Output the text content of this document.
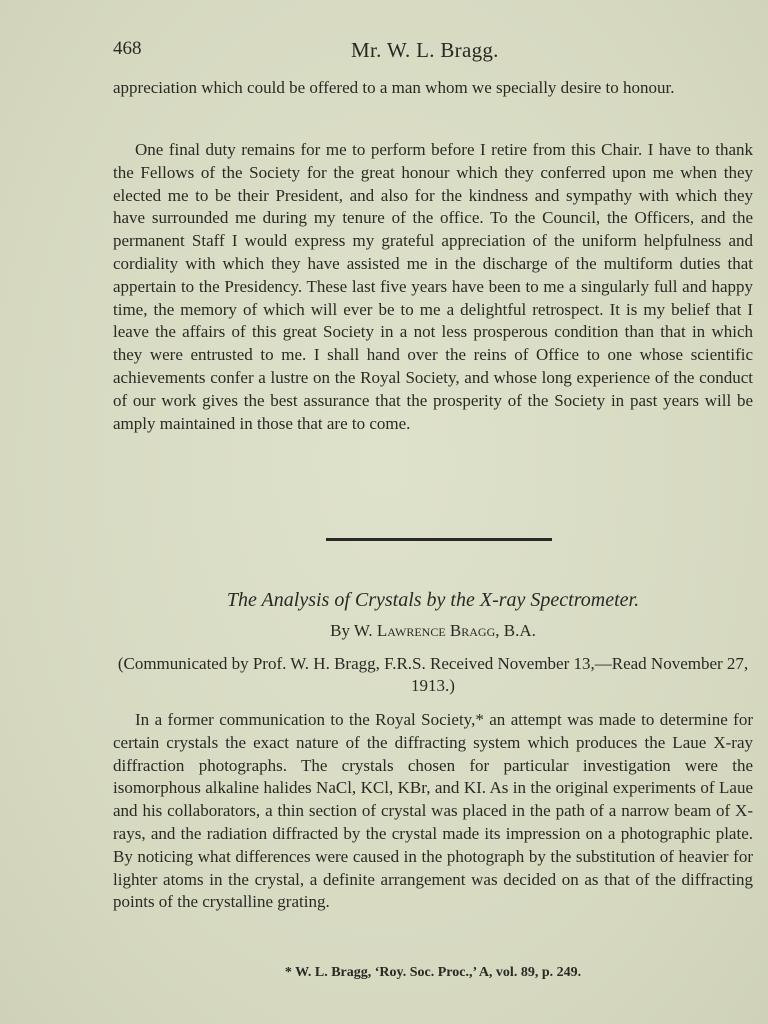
468	Mr. W. L. Bragg.

appreciation which could be offered to a man whom we specially desire to honour.

One final duty remains for me to perform before I retire from this Chair. I have to thank the Fellows of the Society for the great honour which they conferred upon me when they elected me to be their President, and also for the kindness and sympathy with which they have surrounded me during my tenure of the office. To the Council, the Officers, and the permanent Staff I would express my grateful appreciation of the uniform helpfulness and cordiality with which they have assisted me in the discharge of the multiform duties that appertain to the Presidency. These last five years have been to me a singularly full and happy time, the memory of which will ever be to me a delightful retrospect. It is my belief that I leave the affairs of this great Society in a not less prosperous condition than that in which they were entrusted to me. I shall hand over the reins of Office to one whose scientific achievements confer a lustre on the Royal Society, and whose long experience of the conduct of our work gives the best assurance that the prosperity of the Society in past years will be amply maintained in those that are to come.

The Analysis of Crystals by the X-ray Spectrometer.
By W. Lawrence Bragg, B.A.
(Communicated by Prof. W. H. Bragg, F.R.S. Received November 13,—Read November 27, 1913.)

In a former communication to the Royal Society,* an attempt was made to determine for certain crystals the exact nature of the diffracting system which produces the Laue X-ray diffraction photographs. The crystals chosen for particular investigation were the isomorphous alkaline halides NaCl, KCl, KBr, and KI. As in the original experiments of Laue and his collaborators, a thin section of crystal was placed in the path of a narrow beam of X-rays, and the radiation diffracted by the crystal made its impression on a photographic plate. By noticing what differences were caused in the photograph by the substitution of heavier for lighter atoms in the crystal, a definite arrangement was decided on as that of the diffracting points of the crystalline grating.

* W. L. Bragg, ‘Roy. Soc. Proc.,’ A, vol. 89, p. 249.
